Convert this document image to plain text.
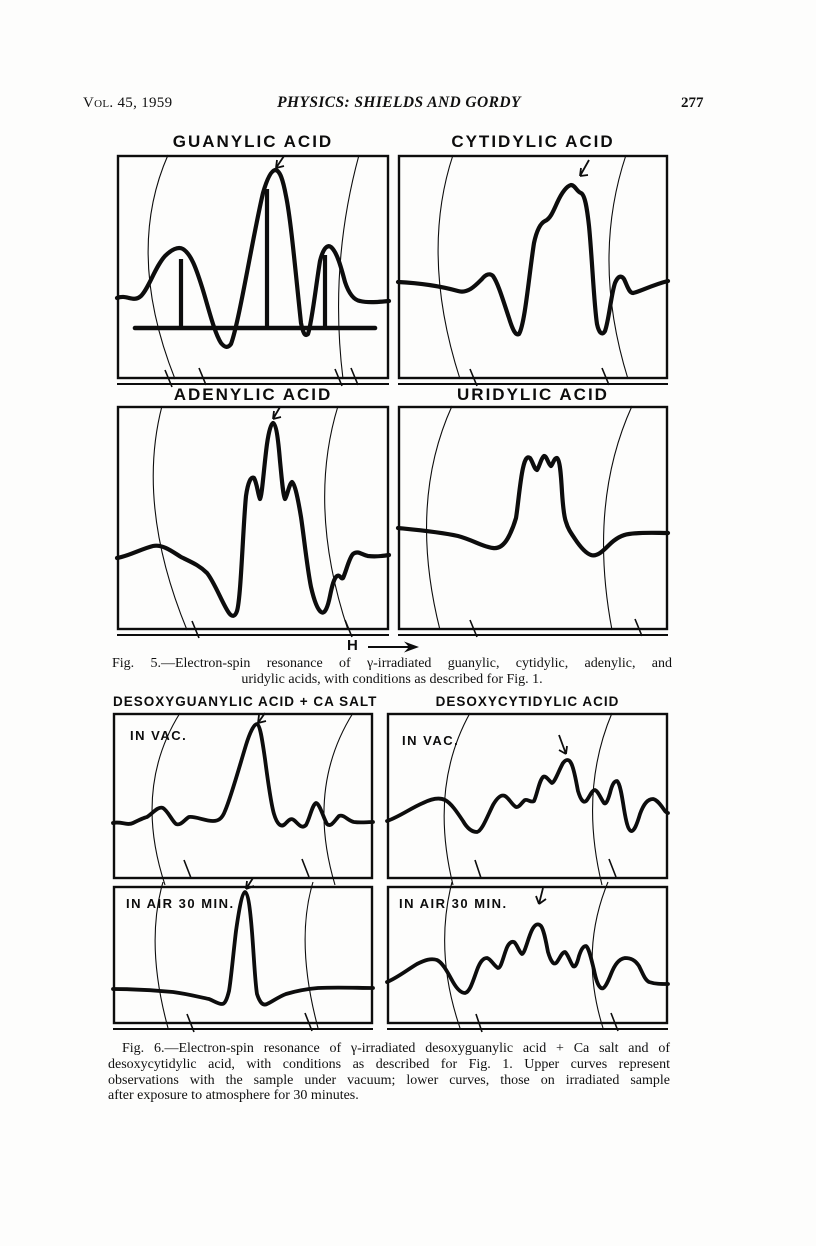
Vol. 45, 1959	PHYSICS: SHIELDS AND GORDY	277
GUANYLIC ACID	CYTIDYLIC ACID
ADENYLIC ACID	URIDYLIC ACID
H
Fig. 5.—Electron-spin resonance of γ-irradiated guanylic, cytidylic, adenylic, and
uridylic acids, with conditions as described for Fig. 1.
DESOXYGUANYLIC ACID + CA SALT	DESOXYCYTIDYLIC ACID
IN VAC.	IN VAC.
IN AIR 30 MIN.	IN AIR 30 MIN.
Fig. 6.—Electron-spin resonance of γ-irradiated desoxyguanylic acid + Ca salt and of
desoxycytidylic acid, with conditions as described for Fig. 1. Upper curves represent
observations with the sample under vacuum; lower curves, those on irradiated sample
after exposure to atmosphere for 30 minutes.
